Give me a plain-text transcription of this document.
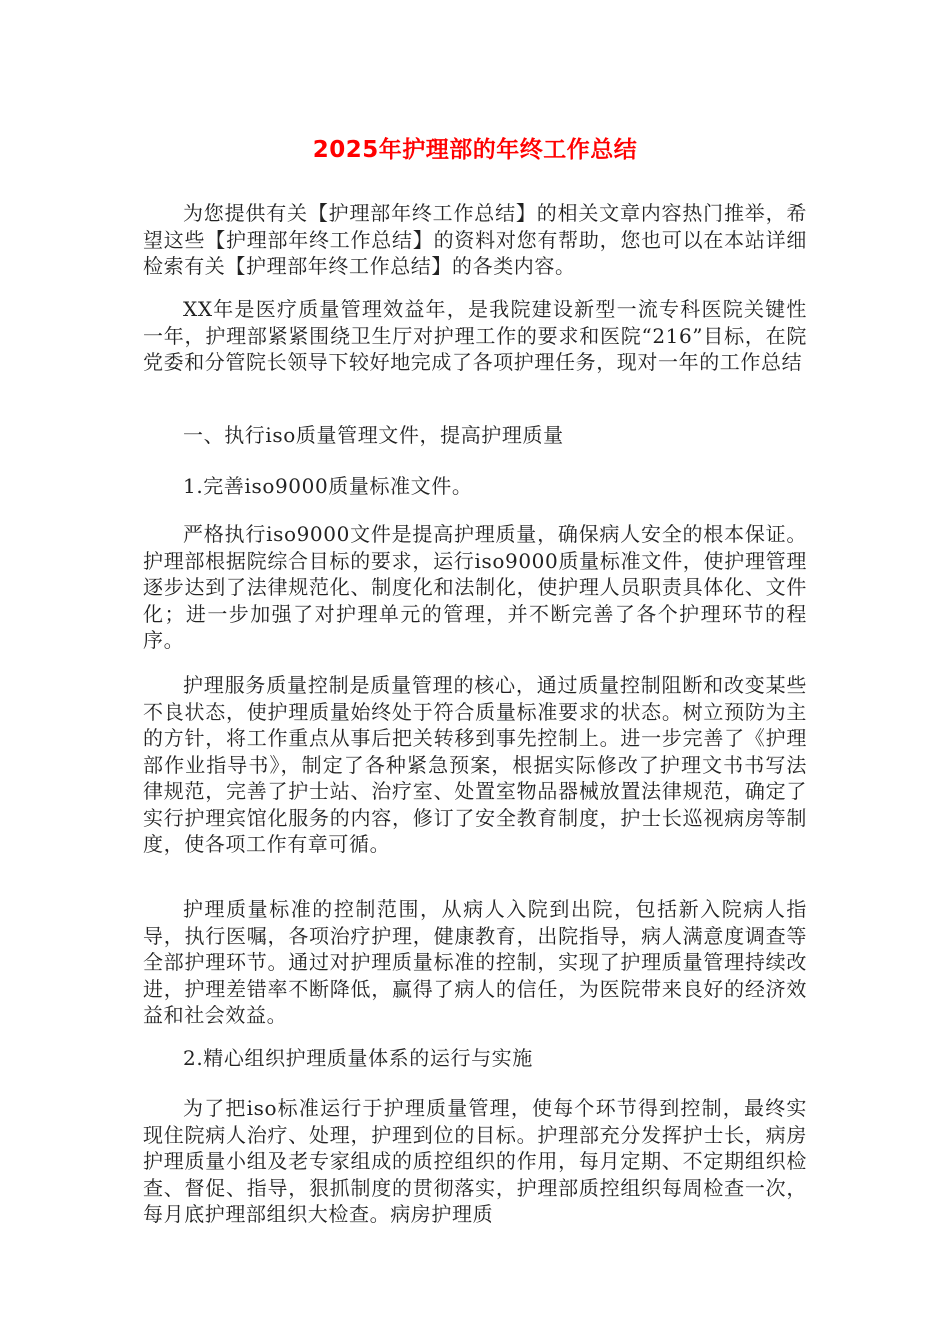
2025年护理部的年终工作总结

为您提供有关【护理部年终工作总结】的相关文章内容热门推举，希望这些【护理部年终工作总结】的资料对您有帮助，您也可以在本站详细检索有关【护理部年终工作总结】的各类内容。

XX年是医疗质量管理效益年，是我院建设新型一流专科医院关键性一年，护理部紧紧围绕卫生厅对护理工作的要求和医院“216”目标，在院党委和分管院长领导下较好地完成了各项护理任务，现对一年的工作总结

一、执行iso质量管理文件，提高护理质量

1.完善iso9000质量标准文件。

严格执行iso9000文件是提高护理质量，确保病人安全的根本保证。护理部根据院综合目标的要求，运行iso9000质量标准文件，使护理管理逐步达到了法律规范化、制度化和法制化，使护理人员职责具体化、文件化；进一步加强了对护理单元的管理，并不断完善了各个护理环节的程序。

护理服务质量控制是质量管理的核心，通过质量控制阻断和改变某些不良状态，使护理质量始终处于符合质量标准要求的状态。树立预防为主的方针，将工作重点从事后把关转移到事先控制上。进一步完善了《护理部作业指导书》，制定了各种紧急预案，根据实际修改了护理文书书写法律规范，完善了护士站、治疗室、处置室物品器械放置法律规范，确定了实行护理宾馆化服务的内容，修订了安全教育制度，护士长巡视病房等制度，使各项工作有章可循。

护理质量标准的控制范围，从病人入院到出院，包括新入院病人指导，执行医嘱，各项治疗护理，健康教育，出院指导，病人满意度调查等全部护理环节。通过对护理质量标准的控制，实现了护理质量管理持续改进，护理差错率不断降低，赢得了病人的信任，为医院带来良好的经济效益和社会效益。

2.精心组织护理质量体系的运行与实施

为了把iso标准运行于护理质量管理，使每个环节得到控制，最终实现住院病人治疗、处理，护理到位的目标。护理部充分发挥护士长，病房护理质量小组及老专家组成的质控组织的作用，每月定期、不定期组织检查、督促、指导，狠抓制度的贯彻落实，护理部质控组织每周检查一次，每月底护理部组织大检查。病房护理质
